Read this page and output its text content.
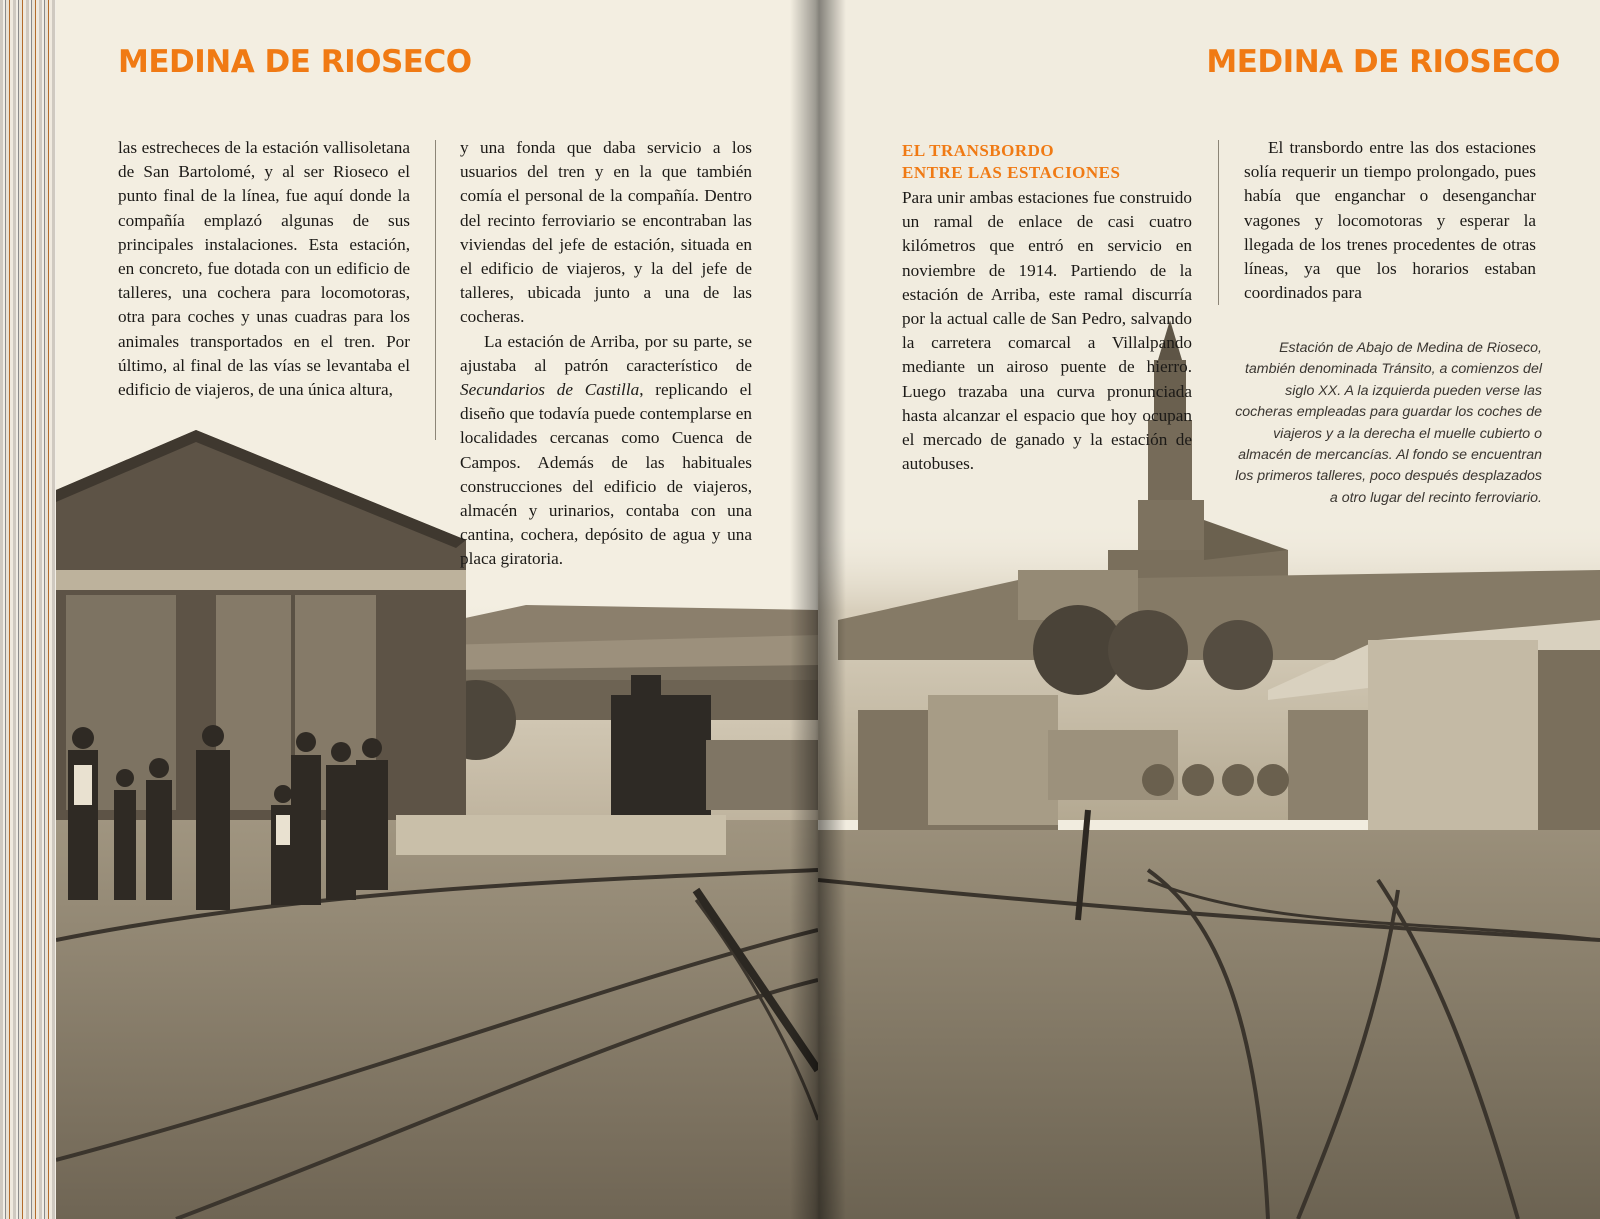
MEDINA DE RIOSECO	MEDINA DE RIOSECO

las estrecheces de la estación vallisoletana de San Bartolomé, y al ser Rioseco el punto final de la línea, fue aquí donde la compañía emplazó algunas de sus principales instalaciones. Esta estación, en concreto, fue dotada con un edificio de talleres, una cochera para locomotoras, otra para coches y unas cuadras para los animales transportados en el tren. Por último, al final de las vías se levantaba el edificio de viajeros, de una única altura,

y una fonda que daba servicio a los usuarios del tren y en la que también comía el personal de la compañía. Dentro del recinto ferroviario se encontraban las viviendas del jefe de estación, situada en el edificio de viajeros, y la del jefe de talleres, ubicada junto a una de las cocheras.

La estación de Arriba, por su parte, se ajustaba al patrón característico de Secundarios de Castilla, replicando el diseño que todavía puede contemplarse en localidades cercanas como Cuenca de Campos. Además de las habituales construcciones del edificio de viajeros, almacén y urinarios, contaba con una cantina, cochera, depósito de agua y una placa giratoria.

EL TRANSBORDO
ENTRE LAS ESTACIONES

Para unir ambas estaciones fue construido un ramal de enlace de casi cuatro kilómetros que entró en servicio en noviembre de 1914. Partiendo de la estación de Arriba, este ramal discurría por la actual calle de San Pedro, salvando la carretera comarcal a Villalpando mediante un airoso puente de hierro. Luego trazaba una curva pronunciada hasta alcanzar el espacio que hoy ocupan el mercado de ganado y la estación de autobuses.

El transbordo entre las dos estaciones solía requerir un tiempo prolongado, pues había que enganchar o desenganchar vagones y locomotoras y esperar la llegada de los trenes procedentes de otras líneas, ya que los horarios estaban coordinados para

Estación de Abajo de Medina de Rioseco, también denominada Tránsito, a comienzos del siglo XX. A la izquierda pueden verse las cocheras empleadas para guardar los coches de viajeros y a la derecha el muelle cubierto o almacén de mercancías. Al fondo se encuentran los primeros talleres, poco después desplazados a otro lugar del recinto ferroviario.
